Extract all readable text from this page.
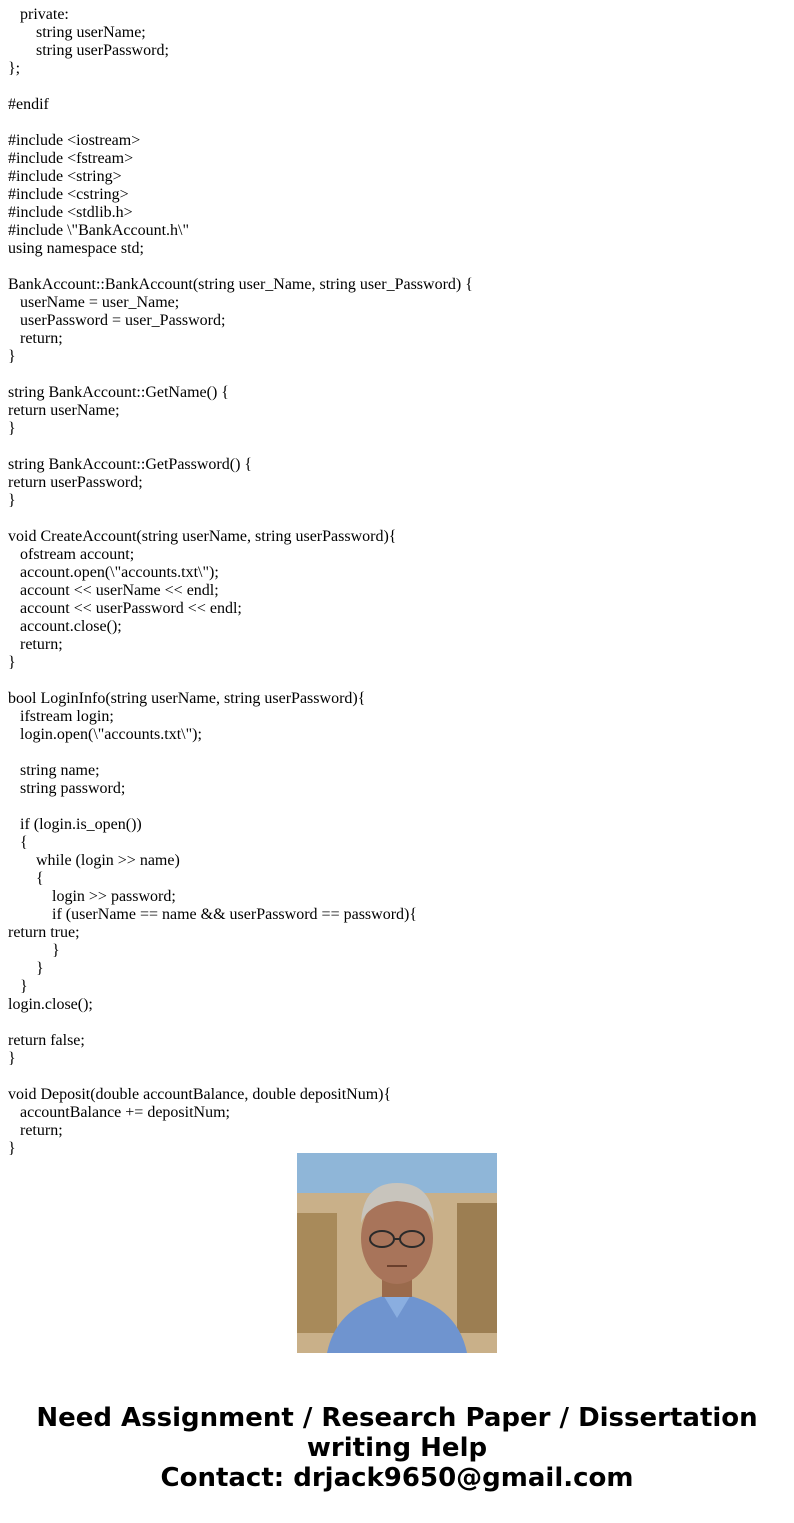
private:
string userName;
string userPassword;
};
#endif
#include <iostream>
#include <fstream>
#include <string>
#include <cstring>
#include <stdlib.h>
#include \"BankAccount.h\"
using namespace std;
BankAccount::BankAccount(string user_Name, string user_Password) {
userName = user_Name;
userPassword = user_Password;
return;
}
string BankAccount::GetName() {
return userName;
}
string BankAccount::GetPassword() {
return userPassword;
}
void CreateAccount(string userName, string userPassword){
ofstream account;
account.open(\"accounts.txt\");
account << userName << endl;
account << userPassword << endl;
account.close();
return;
}
bool LoginInfo(string userName, string userPassword){
ifstream login;
login.open(\"accounts.txt\");
string name;
string password;
if (login.is_open())
{
while (login >> name)
{
login >> password;
if (userName == name && userPassword == password){
return true;
}
}
}
login.close();
return false;
}
void Deposit(double accountBalance, double depositNum){
accountBalance += depositNum;
return;
}
Need Assignment / Research Paper / Dissertation
writing Help
Contact: drjack9650@gmail.com
